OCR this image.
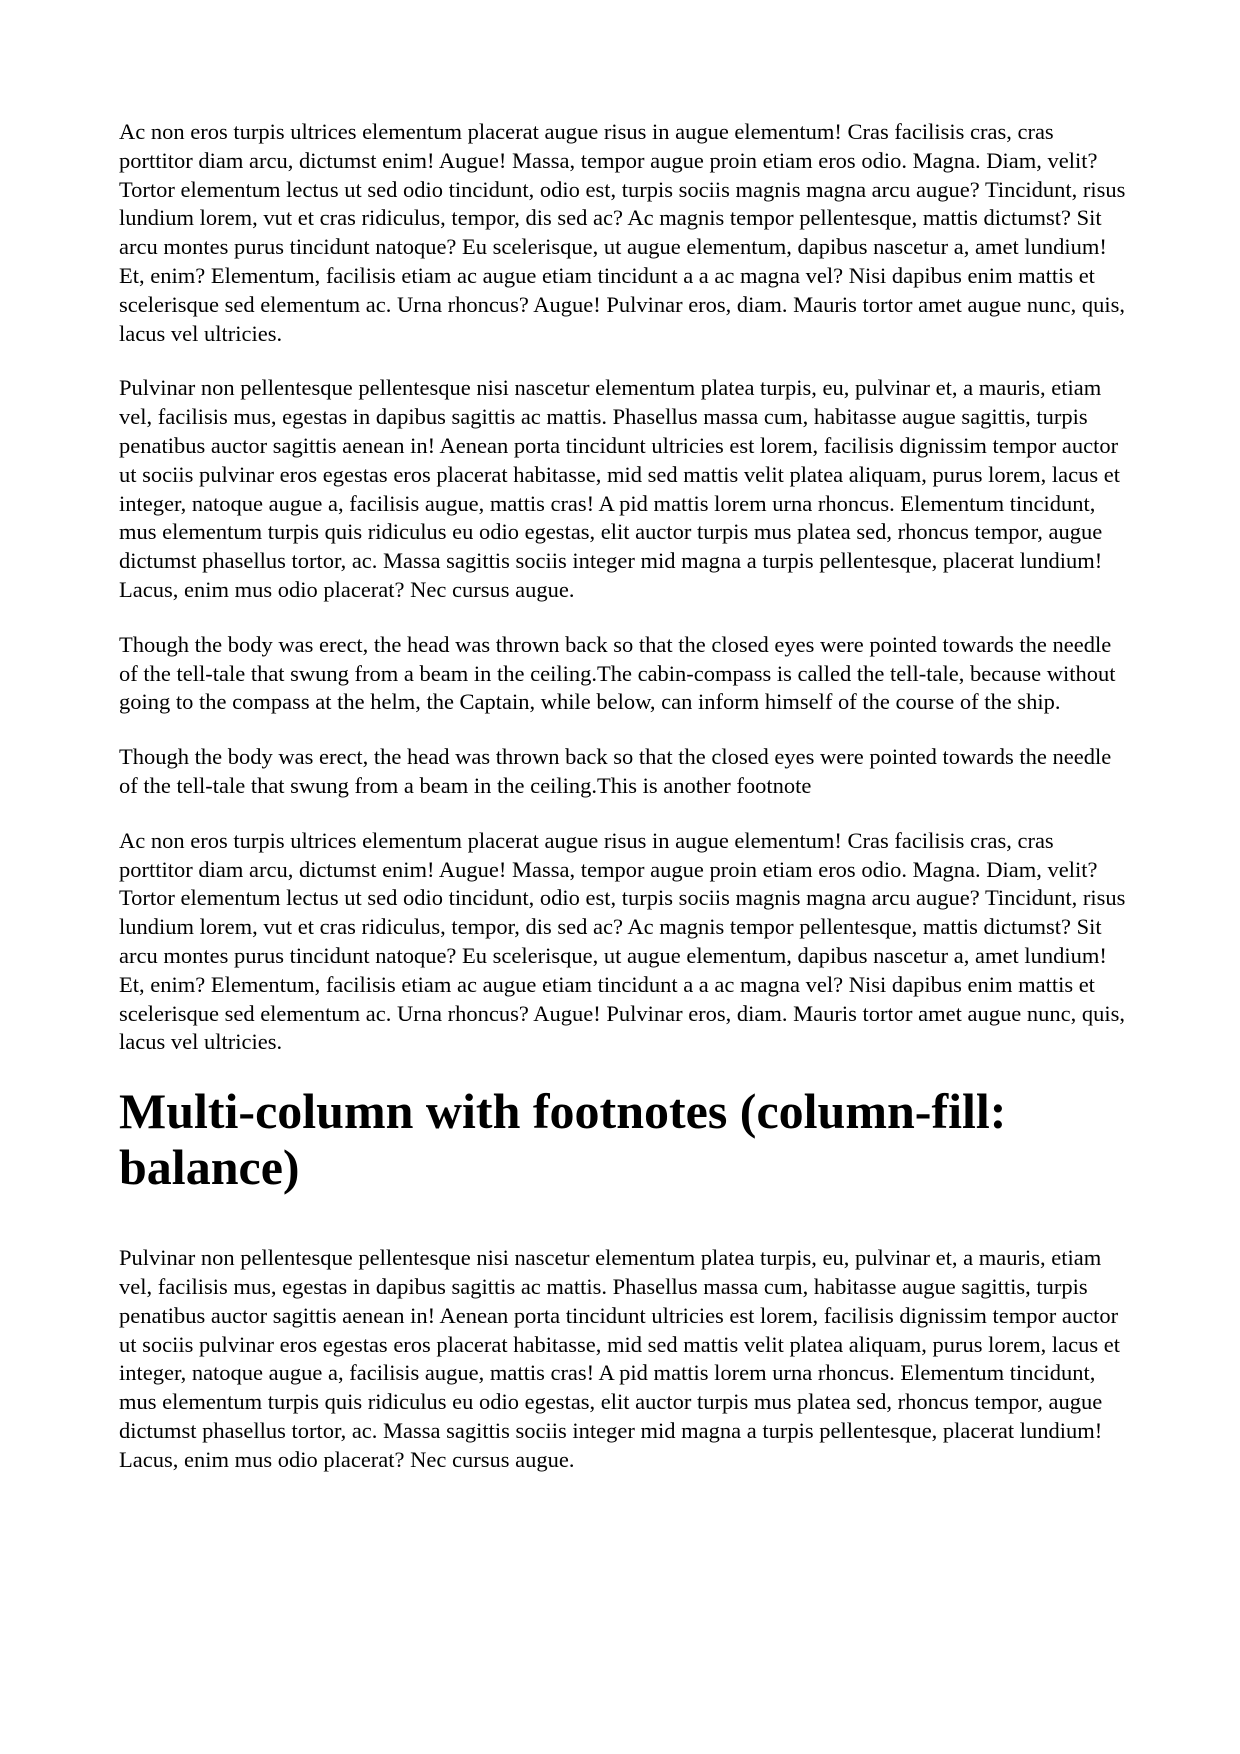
Ac non eros turpis ultrices elementum placerat augue risus in augue elementum! Cras facilisis cras, cras porttitor diam arcu, dictumst enim! Augue! Massa, tempor augue proin etiam eros odio. Magna. Diam, velit? Tortor elementum lectus ut sed odio tincidunt, odio est, turpis sociis magnis magna arcu augue? Tincidunt, risus lundium lorem, vut et cras ridiculus, tempor, dis sed ac? Ac magnis tempor pellentesque, mattis dictumst? Sit arcu montes purus tincidunt natoque? Eu scelerisque, ut augue elementum, dapibus nascetur a, amet lundium! Et, enim? Elementum, facilisis etiam ac augue etiam tincidunt a a ac magna vel? Nisi dapibus enim mattis et scelerisque sed elementum ac. Urna rhoncus? Augue! Pulvinar eros, diam. Mauris tortor amet augue nunc, quis, lacus vel ultricies.

Pulvinar non pellentesque pellentesque nisi nascetur elementum platea turpis, eu, pulvinar et, a mauris, etiam vel, facilisis mus, egestas in dapibus sagittis ac mattis. Phasellus massa cum, habitasse augue sagittis, turpis penatibus auctor sagittis aenean in! Aenean porta tincidunt ultricies est lorem, facilisis dignissim tempor auctor ut sociis pulvinar eros egestas eros placerat habitasse, mid sed mattis velit platea aliquam, purus lorem, lacus et integer, natoque augue a, facilisis augue, mattis cras! A pid mattis lorem urna rhoncus. Elementum tincidunt, mus elementum turpis quis ridiculus eu odio egestas, elit auctor turpis mus platea sed, rhoncus tempor, augue dictumst phasellus tortor, ac. Massa sagittis sociis integer mid magna a turpis pellentesque, placerat lundium! Lacus, enim mus odio placerat? Nec cursus augue.

Though the body was erect, the head was thrown back so that the closed eyes were pointed towards the needle of the tell-tale that swung from a beam in the ceiling.The cabin-compass is called the tell-tale, because without going to the compass at the helm, the Captain, while below, can inform himself of the course of the ship.

Though the body was erect, the head was thrown back so that the closed eyes were pointed towards the needle of the tell-tale that swung from a beam in the ceiling.This is another footnote

Ac non eros turpis ultrices elementum placerat augue risus in augue elementum! Cras facilisis cras, cras porttitor diam arcu, dictumst enim! Augue! Massa, tempor augue proin etiam eros odio. Magna. Diam, velit? Tortor elementum lectus ut sed odio tincidunt, odio est, turpis sociis magnis magna arcu augue? Tincidunt, risus lundium lorem, vut et cras ridiculus, tempor, dis sed ac? Ac magnis tempor pellentesque, mattis dictumst? Sit arcu montes purus tincidunt natoque? Eu scelerisque, ut augue elementum, dapibus nascetur a, amet lundium! Et, enim? Elementum, facilisis etiam ac augue etiam tincidunt a a ac magna vel? Nisi dapibus enim mattis et scelerisque sed elementum ac. Urna rhoncus? Augue! Pulvinar eros, diam. Mauris tortor amet augue nunc, quis, lacus vel ultricies.

Multi-column with footnotes (column-fill: balance)

Pulvinar non pellentesque pellentesque nisi nascetur elementum platea turpis, eu, pulvinar et, a mauris, etiam vel, facilisis mus, egestas in dapibus sagittis ac mattis. Phasellus massa cum, habitasse augue sagittis, turpis penatibus auctor sagittis aenean in! Aenean porta tincidunt ultricies est lorem, facilisis dignissim tempor auctor ut sociis pulvinar eros egestas eros placerat habitasse, mid sed mattis velit platea aliquam, purus lorem, lacus et integer, natoque augue a, facilisis augue, mattis cras! A pid mattis lorem urna rhoncus. Elementum tincidunt, mus elementum turpis quis ridiculus eu odio egestas, elit auctor turpis mus platea sed, rhoncus tempor, augue dictumst phasellus tortor, ac. Massa sagittis sociis integer mid magna a turpis pellentesque, placerat lundium! Lacus, enim mus odio placerat? Nec cursus augue.
